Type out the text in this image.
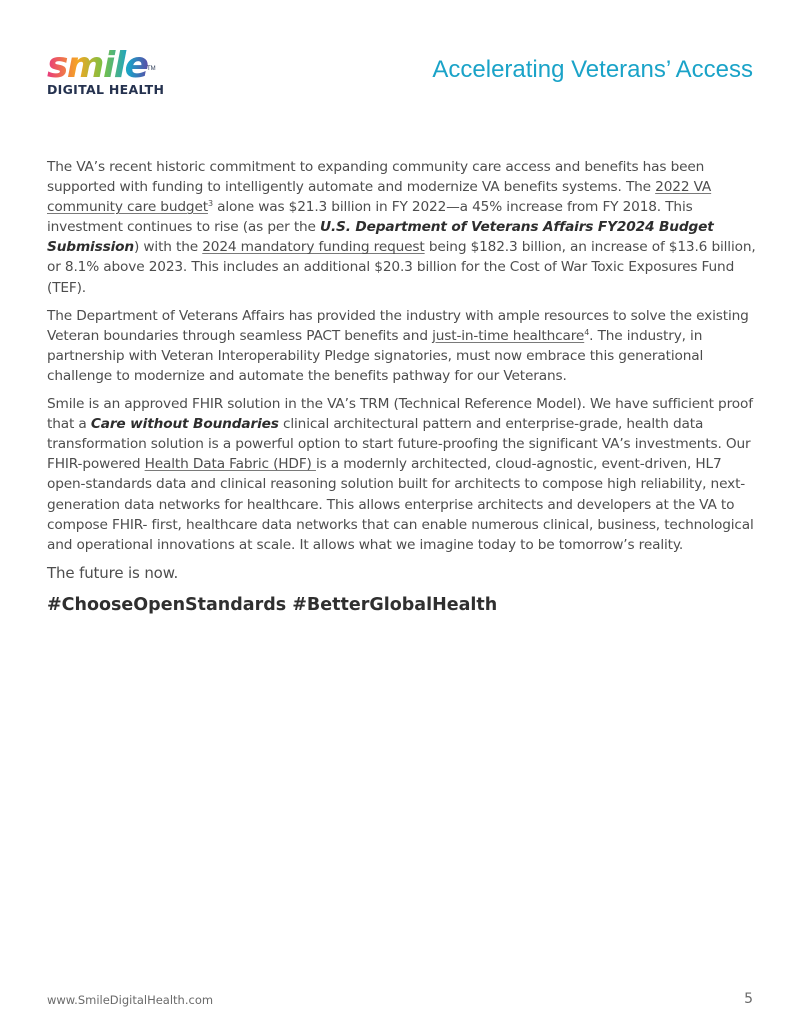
smile TM
DIGITAL HEALTH
Accelerating Veterans’ Access

The VA’s recent historic commitment to expanding community care access and benefits has been supported with funding to intelligently automate and modernize VA benefits systems. The 2022 VA community care budget$^3$ alone was $21.3 billion in FY 2022—a 45% increase from FY 2018. This investment continues to rise (as per the U.S. Department of Veterans Affairs FY2024 Budget Submission) with the 2024 mandatory funding request being $182.3 billion, an increase of $13.6 billion, or 8.1% above 2023. This includes an additional $20.3 billion for the Cost of War Toxic Exposures Fund (TEF).

The Department of Veterans Affairs has provided the industry with ample resources to solve the existing Veteran boundaries through seamless PACT benefits and just-in-time healthcare$^4$. The industry, in partnership with Veteran Interoperability Pledge signatories, must now embrace this generational challenge to modernize and automate the benefits pathway for our Veterans.

Smile is an approved FHIR solution in the VA’s TRM (Technical Reference Model). We have sufficient proof that a Care without Boundaries clinical architectural pattern and enterprise-grade, health data transformation solution is a powerful option to start future-proofing the significant VA’s investments. Our FHIR-powered Health Data Fabric (HDF) is a modernly architected, cloud-agnostic, event-driven, HL7 open-standards data and clinical reasoning solution built for architects to compose high reliability, next-generation data networks for healthcare. This allows enterprise architects and developers at the VA to compose FHIR- first, healthcare data networks that can enable numerous clinical, business, technological and operational innovations at scale. It allows what we imagine today to be tomorrow’s reality.

The future is now.

#ChooseOpenStandards #BetterGlobalHealth
www.SmileDigitalHealth.com	5
